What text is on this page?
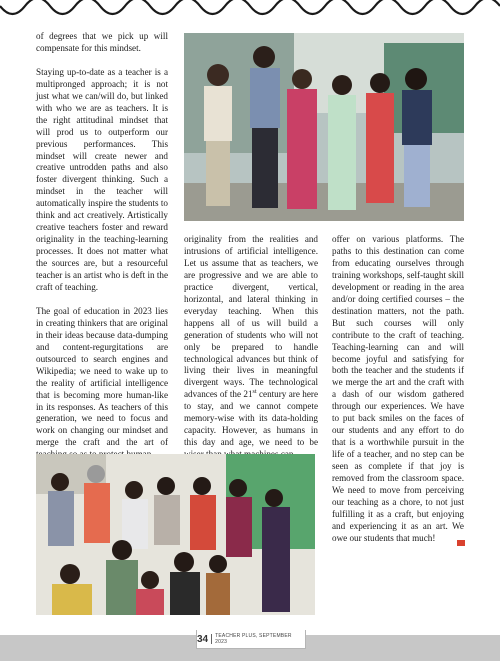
of degrees that we pick up will compensate for this mindset.

Staying up-to-date as a teacher is a multipronged approach; it is not just what we can/will do, but linked with who we are as teachers. It is the right attitudinal mindset that will prod us to outperform our previous performances. This mindset will create newer and creative untrodden paths and also foster divergent thinking. Such a mindset in the teacher will automatically inspire the students to think and act creatively. Artistically creative teachers foster and reward originality in the teaching-learning processes. It does not matter what the sources are, but a resourceful teacher is an artist who is deft in the craft of teaching.

The goal of education in 2023 lies in creating thinkers that are original in their ideas because data-dumping and content-regurgitations are outsourced to search engines and Wikipedia; we need to wake up to the reality of artificial intelligence that is becoming more human-like in its responses. As teachers of this generation, we need to focus and work on changing our mindset and merge the craft and the art of

originality from the realities and intrusions of artificial intelligence. Let us assume that as teachers, we are progressive and we are able to practice divergent, vertical, horizontal, and lateral thinking in everyday teaching. When this happens all of us will build a generation of students who will not only be prepared to handle technological advances but think of living their lives in meaningful divergent ways. The technological advances of the 21st century are here to stay, and we cannot compete memory-wise with its data-holding capacity. However, as humans in this day and age, we need to be

offer on various platforms. The paths to this destination can come from educating ourselves through training workshops, self-taught skill development or reading in the area and/or doing certified courses – the destination matters, not the path. But such courses will only contribute to the craft of teaching. Teaching-learning can and will become joyful and satisfying for both the teacher and the students if we merge the art and the craft with a dash of our wisdom gathered through our experiences. We have to put back smiles on the faces of our students and any effort to do that is a worthwhile pursuit in the life of a teacher, and no step can be seen as complete if that joy is removed from the classroom space. We need to move from perceiving our teaching as a chore, to not just fulfilling it as a craft, but enjoying and experiencing it as an art. We owe our students that much!

34 TEACHER PLUS, SEPTEMBER 2023
